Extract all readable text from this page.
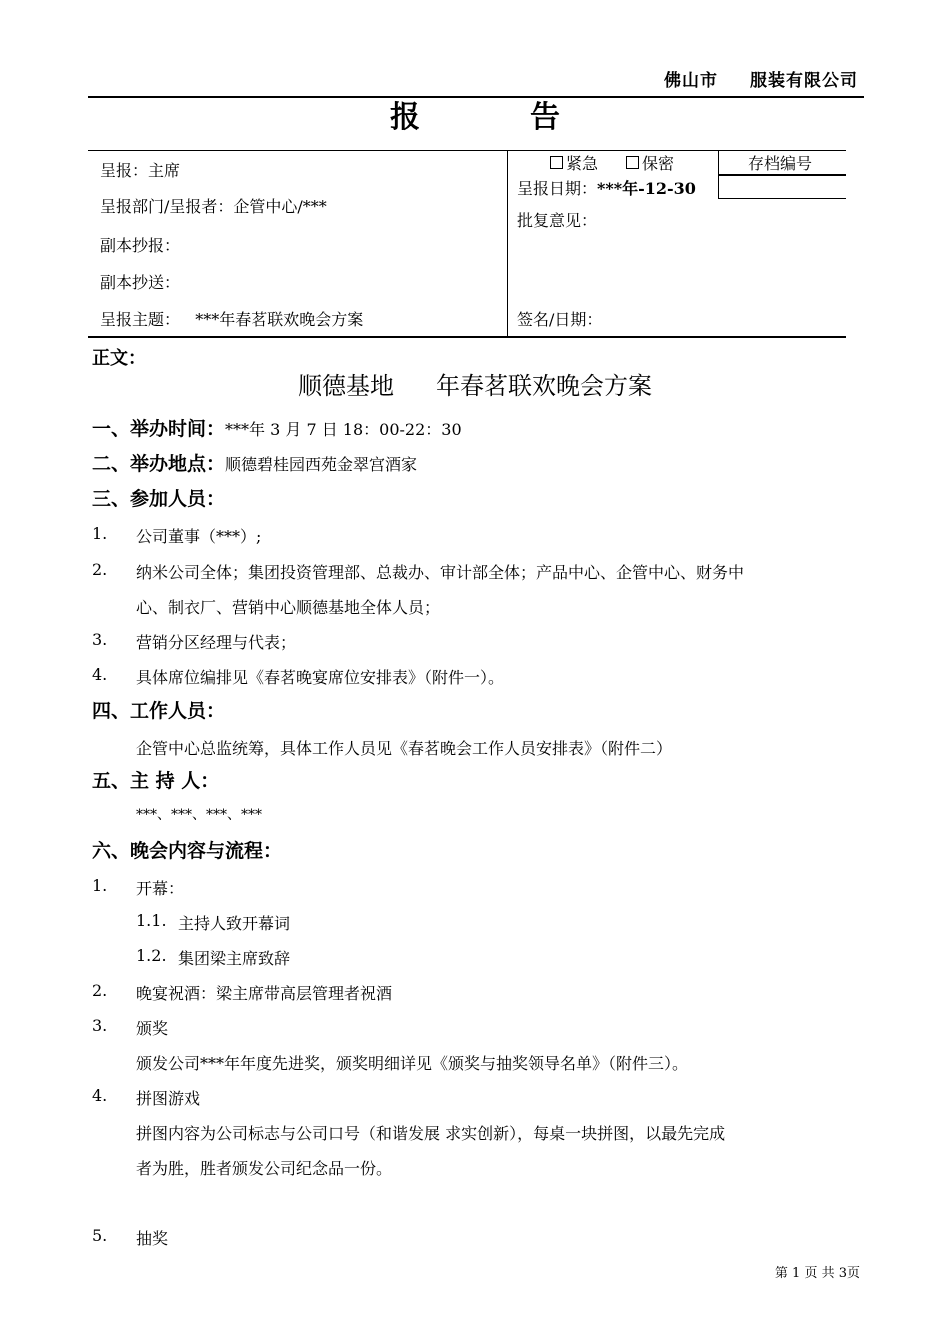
佛山市 服装有限公司
报告
呈报：主席
呈报部门/呈报者：企管中心/***
副本抄报：
副本抄送：
呈报主题： ***年春茗联欢晚会方案
紧急	保密	存档编号
呈报日期：***年-12-30
批复意见：
签名/日期：
正文：
顺德基地 年春茗联欢晚会方案
一、举办时间：***年 3 月 7 日 18：00-22：30
二、举办地点：顺德碧桂园西苑金翠宫酒家
三、参加人员：
1. 公司董事（***）;
2. 纳米公司全体；集团投资管理部、总裁办、审计部全体；产品中心、企管中心、财务中
心、制衣厂、营销中心顺德基地全体人员；
3. 营销分区经理与代表；
4. 具体席位编排见《春茗晚宴席位安排表》（附件一）。
四、工作人员：
企管中心总监统筹，具体工作人员见《春茗晚会工作人员安排表》（附件二）
五、主 持 人：
***、***、***、***
六、晚会内容与流程：
1. 开幕：
1.1. 主持人致开幕词
1.2. 集团梁主席致辞
2. 晚宴祝酒：梁主席带高层管理者祝酒
3. 颁奖
颁发公司***年年度先进奖，颁奖明细详见《颁奖与抽奖领导名单》（附件三）。
4. 拼图游戏
拼图内容为公司标志与公司口号（和谐发展 求实创新），每桌一块拼图，以最先完成
者为胜，胜者颁发公司纪念品一份。
5. 抽奖
第 1 页 共 3页
